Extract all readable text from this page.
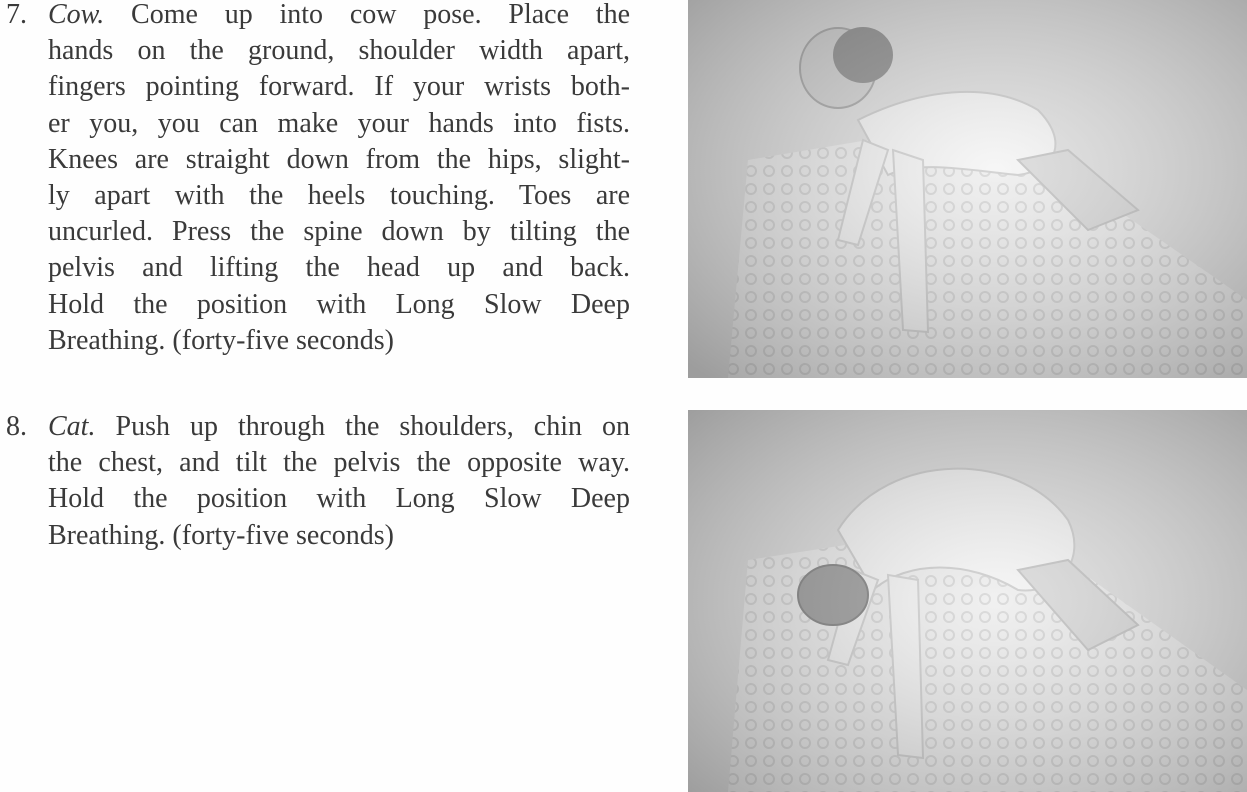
7. Cow. Come up into cow pose. Place the
hands on the ground, shoulder width apart,
fingers pointing forward. If your wrists both-
er you, you can make your hands into fists.
Knees are straight down from the hips, slight-
ly apart with the heels touching. Toes are
uncurled. Press the spine down by tilting the
pelvis and lifting the head up and back.
Hold the position with Long Slow Deep
Breathing. (forty-five seconds)
8. Cat. Push up through the shoulders, chin on
the chest, and tilt the pelvis the opposite way.
Hold the position with Long Slow Deep
Breathing. (forty-five seconds)
